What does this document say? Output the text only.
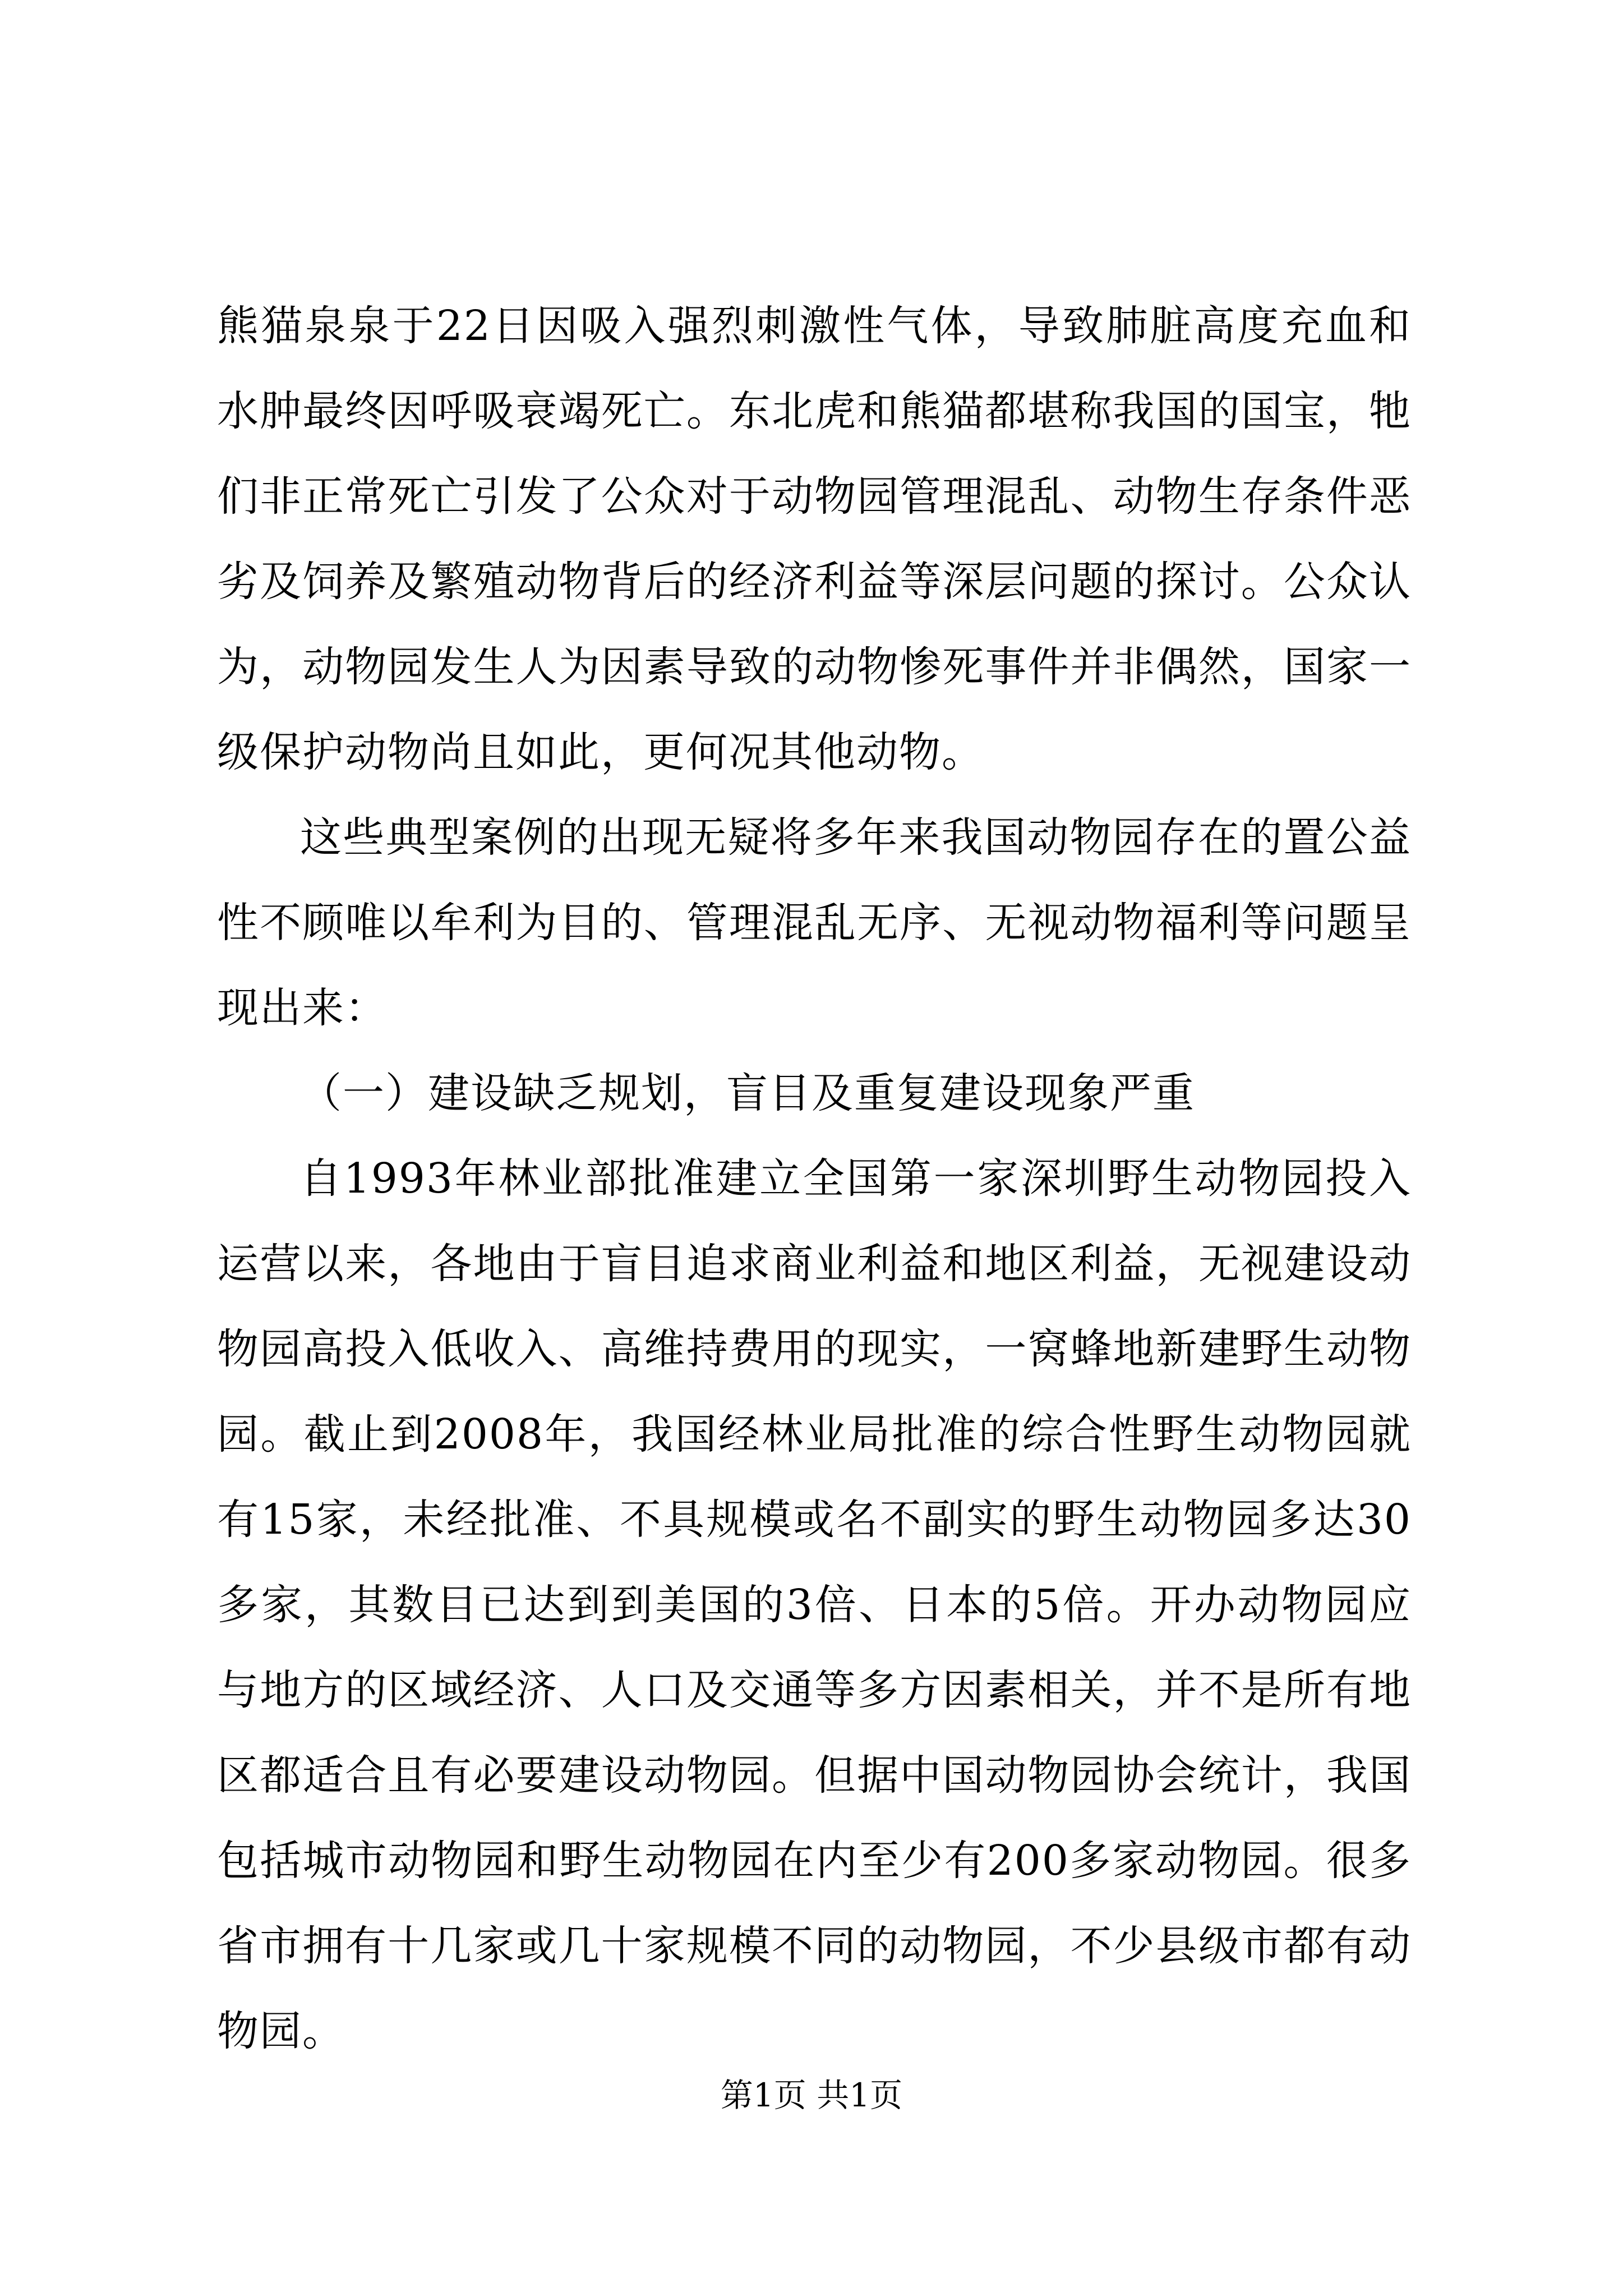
熊猫泉泉于22日因吸入强烈刺激性气体，导致肺脏高度充血和水肿最终因呼吸衰竭死亡。东北虎和熊猫都堪称我国的国宝，牠们非正常死亡引发了公众对于动物园管理混乱、动物生存条件恶劣及饲养及繁殖动物背后的经济利益等深层问题的探讨。公众认为，动物园发生人为因素导致的动物惨死事件并非偶然，国家一级保护动物尚且如此，更何况其他动物。

这些典型案例的出现无疑将多年来我国动物园存在的置公益性不顾唯以牟利为目的、管理混乱无序、无视动物福利等问题呈现出来：

（一）建设缺乏规划，盲目及重复建设现象严重

自1993年林业部批准建立全国第一家深圳野生动物园投入运营以来，各地由于盲目追求商业利益和地区利益，无视建设动物园高投入低收入、高维持费用的现实，一窝蜂地新建野生动物园。截止到2008年，我国经林业局批准的综合性野生动物园就有15家，未经批准、不具规模或名不副实的野生动物园多达30多家，其数目已达到到美国的3倍、日本的5倍。开办动物园应与地方的区域经济、人口及交通等多方因素相关，并不是所有地区都适合且有必要建设动物园。但据中国动物园协会统计，我国包括城市动物园和野生动物园在内至少有200多家动物园。很多省市拥有十几家或几十家规模不同的动物园，不少县级市都有动物园。

第1页 共1页
